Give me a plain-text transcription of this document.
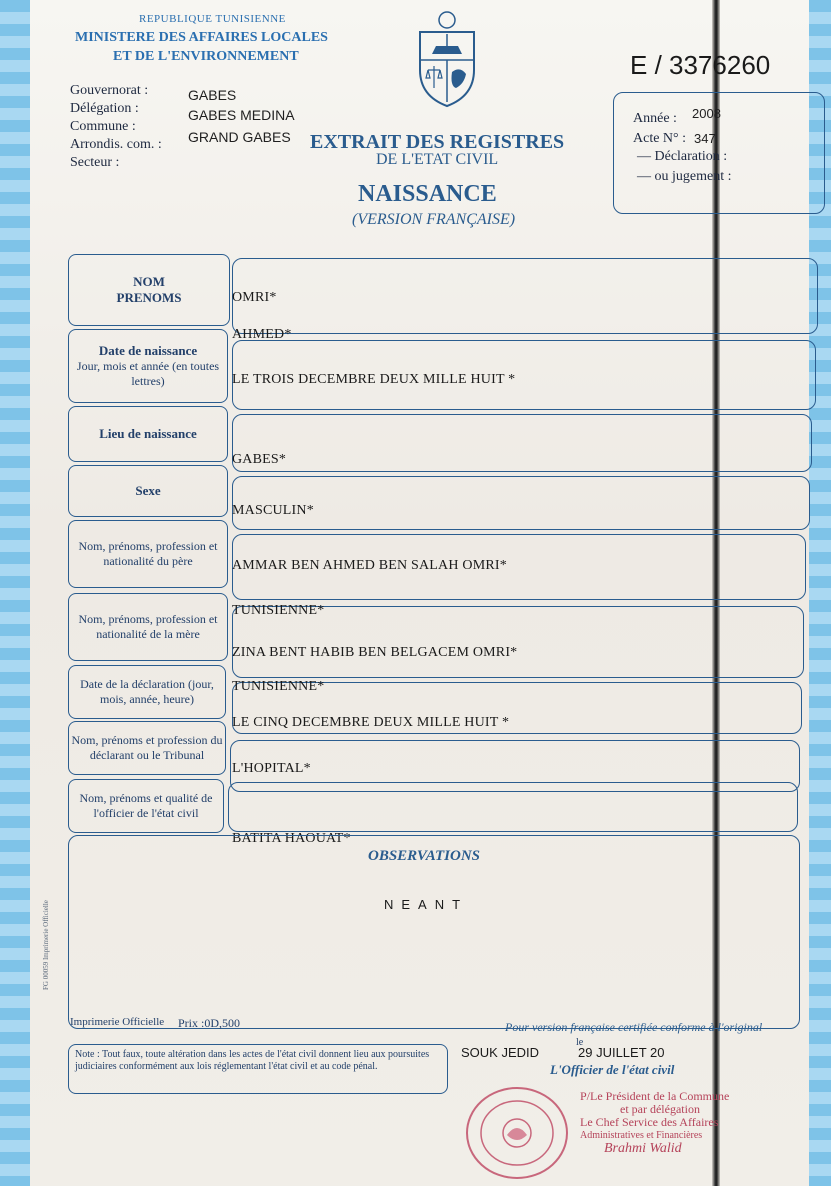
REPUBLIQUE TUNISIENNE
MINISTERE DES AFFAIRES LOCALES
ET DE L'ENVIRONNEMENT
Gouvernorat :
Délégation :
Commune :
Arrondis. com. :
Secteur :
GABES
GABES MEDINA
GRAND GABES
E / 3376260
Année : 2008
Acte N° : 347
— Déclaration :
— ou jugement :
EXTRAIT DES REGISTRES
DE L'ETAT CIVIL
NAISSANCE
(VERSION FRANÇAISE)
NOM
PRENOMS
Date de naissance
Jour, mois et année (en toutes lettres)
Lieu de naissance
Sexe
Nom, prénoms, profession et nationalité du père
Nom, prénoms, profession et nationalité de la mère
Date de la déclaration (jour, mois, année, heure)
Nom, prénoms et profession du déclarant ou le Tribunal
Nom, prénoms et qualité de l'officier de l'état civil
OMRI*
AHMED*
LE TROIS DECEMBRE DEUX MILLE HUIT *
GABES*
MASCULIN*
AMMAR BEN AHMED BEN SALAH OMRI*
TUNISIENNE*
ZINA BENT HABIB BEN BELGACEM OMRI*
TUNISIENNE*
LE CINQ DECEMBRE DEUX MILLE HUIT *
L'HOPITAL*
BATITA HAOUAT*
OBSERVATIONS
NEANT
FG 00059 Imprimerie Officielle
Imprimerie Officielle Prix :0D,500
Note : Tout faux, toute altération dans les actes de l'état civil donnent lieu aux poursuites judiciaires conformément aux lois réglementant l'état civil et au code pénal.
Pour version française certifiée conforme à l'original
SOUK JEDID
le
29 JUILLET 20
L'Officier de l'état civil
P/Le Président de la Commune
et par délégation
Le Chef Service des Affaires
Administratives et Financières
Brahmi Walid
